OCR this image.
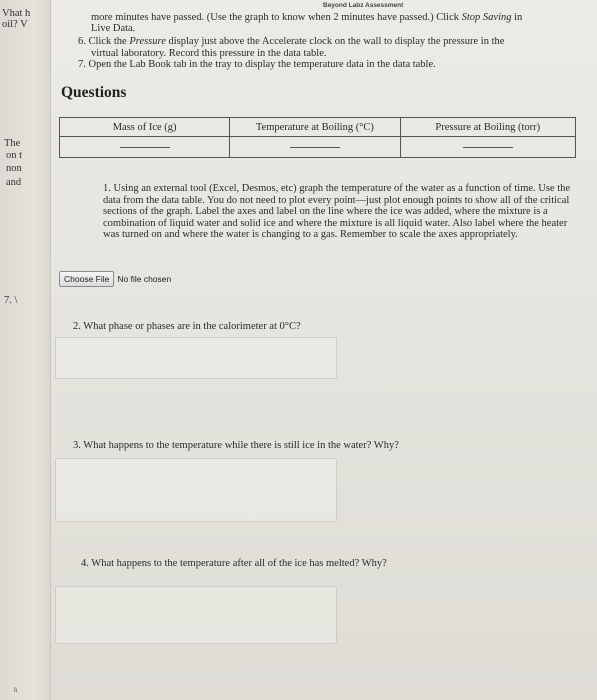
Vhat h
oil? V
The
on t
non
and
7. \
Beyond Labz Assessment
more minutes have passed. (Use the graph to know when 2 minutes have passed.) Click Stop Saving in
Live Data.
6. Click the Pressure display just above the Accelerate clock on the wall to display the pressure in the
virtual laboratory. Record this pressure in the data table.
7. Open the Lab Book tab in the tray to display the temperature data in the data table.
Questions
Mass of Ice (g)	Temperature at Boiling (°C)	Pressure at Boiling (torr)

1. Using an external tool (Excel, Desmos, etc) graph the temperature of the water as a function of time. Use the data from the data table. You do not need to plot every point—just plot enough points to show all of the critical sections of the graph. Label the axes and label on the line where the ice was added, where the mixture is a combination of liquid water and solid ice and where the mixture is all liquid water. Also label where the heater was turned on and where the water is changing to a gas. Remember to scale the axes appropriately.
Choose File No file chosen
2. What phase or phases are in the calorimeter at 0°C?
3. What happens to the temperature while there is still ice in the water? Why?
4. What happens to the temperature after all of the ice has melted? Why?
h
